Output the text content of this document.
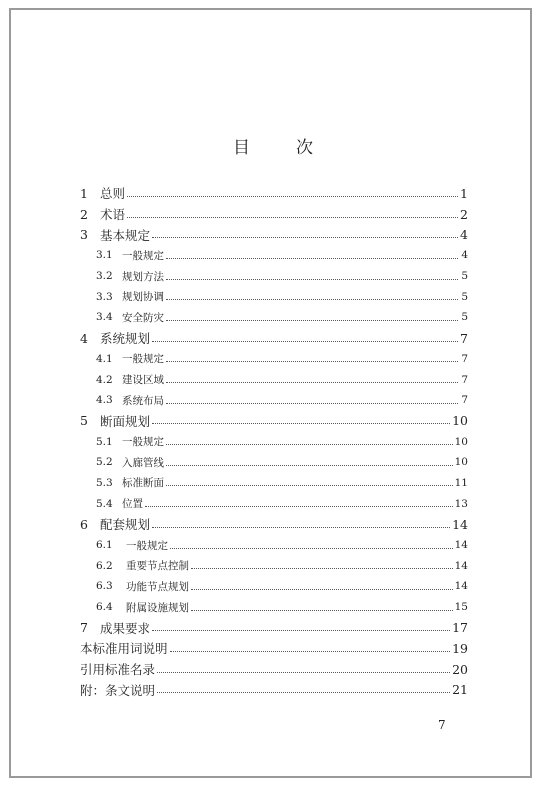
目	次
1 总则	1
2 术语	2
3 基本规定	4
3.1 一般规定	4
3.2 规划方法	5
3.3 规划协调	5
3.4 安全防灾	5
4 系统规划	7
4.1 一般规定	7
4.2 建设区域	7
4.3 系统布局	7
5 断面规划	10
5.1 一般规定	10
5.2 入廊管线	10
5.3 标准断面	11
5.4 位置	13
6 配套规划	14
6.1	一般规定	14
6.2	重要节点控制	14
6.3	功能节点规划	14
6.4	附属设施规划	15
7 成果要求	17
本标准用词说明	19
引用标准名录	20
附：条文说明	21
7
